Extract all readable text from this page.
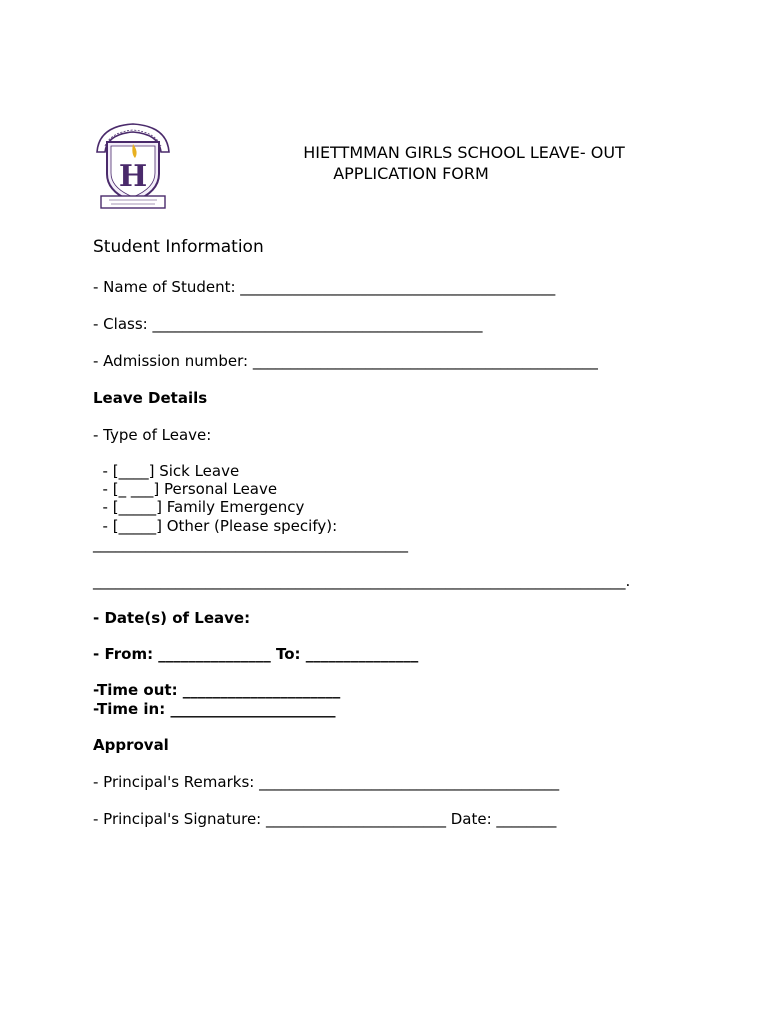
H
HIETTMMAN GIRLS SCHOOL LEAVE- OUT
APPLICATION FORM
Student Information
- Name of Student: __________________________________________
- Class: ____________________________________________
- Admission number: ______________________________________________
Leave Details
- Type of Leave:
- [____] Sick Leave
- [_ ___] Personal Leave
- [_____] Family Emergency
- [_____] Other (Please specify):
__________________________________________
_______________________________________________________________________.
- Date(s) of Leave:
- From: _______________ To: _______________
-Time out: _____________________
-Time in: ______________________
Approval
- Principal's Remarks: ________________________________________
- Principal's Signature: ________________________ Date: ________
